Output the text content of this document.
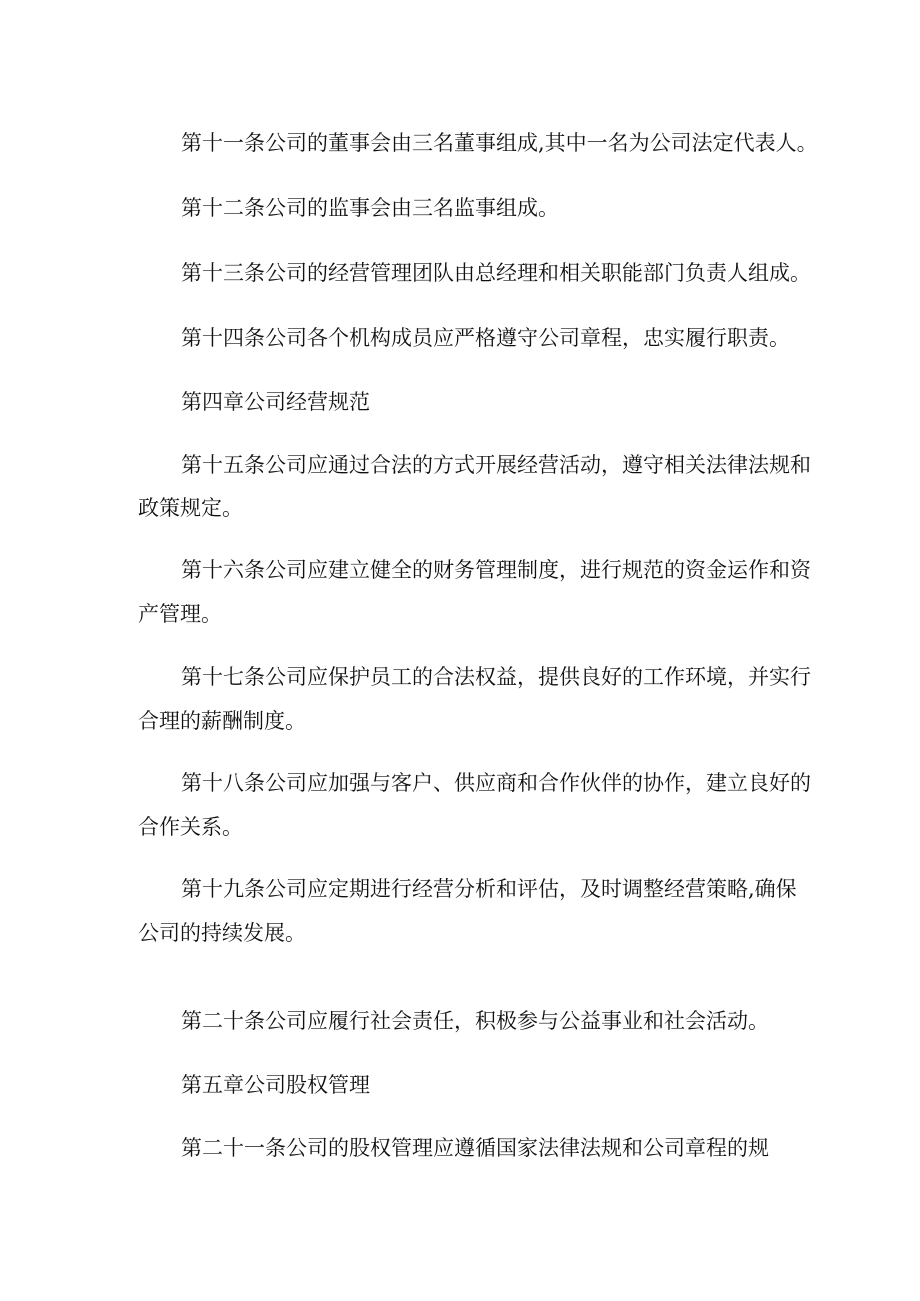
第十一条公司的董事会由三名董事组成,其中一名为公司法定代表人。
第十二条公司的监事会由三名监事组成。
第十三条公司的经营管理团队由总经理和相关职能部门负责人组成。
第十四条公司各个机构成员应严格遵守公司章程，忠实履行职责。
第四章公司经营规范
第十五条公司应通过合法的方式开展经营活动，遵守相关法律法规和
政策规定。
第十六条公司应建立健全的财务管理制度，进行规范的资金运作和资
产管理。
第十七条公司应保护员工的合法权益，提供良好的工作环境，并实行
合理的薪酬制度。
第十八条公司应加强与客户、供应商和合作伙伴的协作，建立良好的
合作关系。
第十九条公司应定期进行经营分析和评估，及时调整经营策略,确保
公司的持续发展。
第二十条公司应履行社会责任，积极参与公益事业和社会活动。
第五章公司股权管理
第二十一条公司的股权管理应遵循国家法律法规和公司章程的规
